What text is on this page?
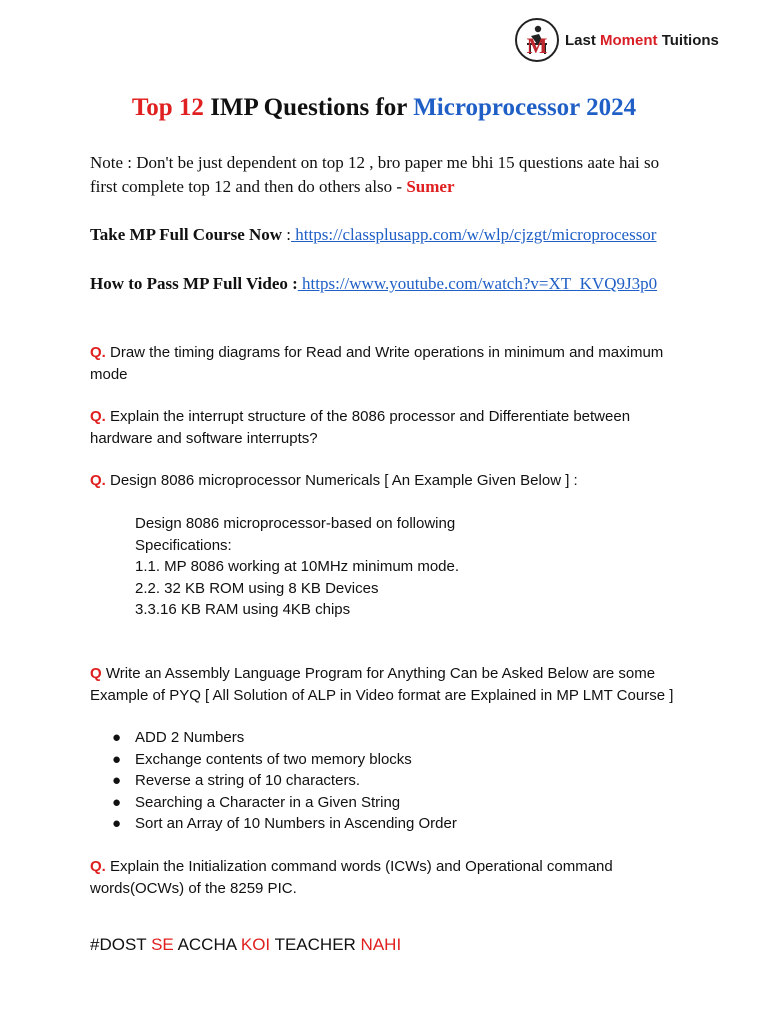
M Last Moment Tuitions
Top 12 IMP Questions for Microprocessor 2024

Note : Don't be just dependent on top 12 , bro paper me bhi 15 questions aate hai so first complete top 12 and then do others also - Sumer

Take MP Full Course Now : https://classplusapp.com/w/wlp/cjzgt/microprocessor

How to Pass MP Full Video : https://www.youtube.com/watch?v=XT_KVQ9J3p0

Q. Draw the timing diagrams for Read and Write operations in minimum and maximum mode

Q. Explain the interrupt structure of the 8086 processor and Differentiate between hardware and software interrupts?

Q. Design 8086 microprocessor Numericals [ An Example Given Below ] :

Design 8086 microprocessor-based on following
Specifications:
1.1. MP 8086 working at 10MHz minimum mode.
2.2. 32 KB ROM using 8 KB Devices
3.3.16 KB RAM using 4KB chips

Q Write an Assembly Language Program for Anything Can be Asked Below are some Example of PYQ [ All Solution of ALP in Video format are Explained in MP LMT Course ]

● ADD 2 Numbers
● Exchange contents of two memory blocks
● Reverse a string of 10 characters.
● Searching a Character in a Given String
● Sort an Array of 10 Numbers in Ascending Order

Q. Explain the Initialization command words (ICWs) and Operational command words(OCWs) of the 8259 PIC.

#DOST SE ACCHA KOI TEACHER NAHI
